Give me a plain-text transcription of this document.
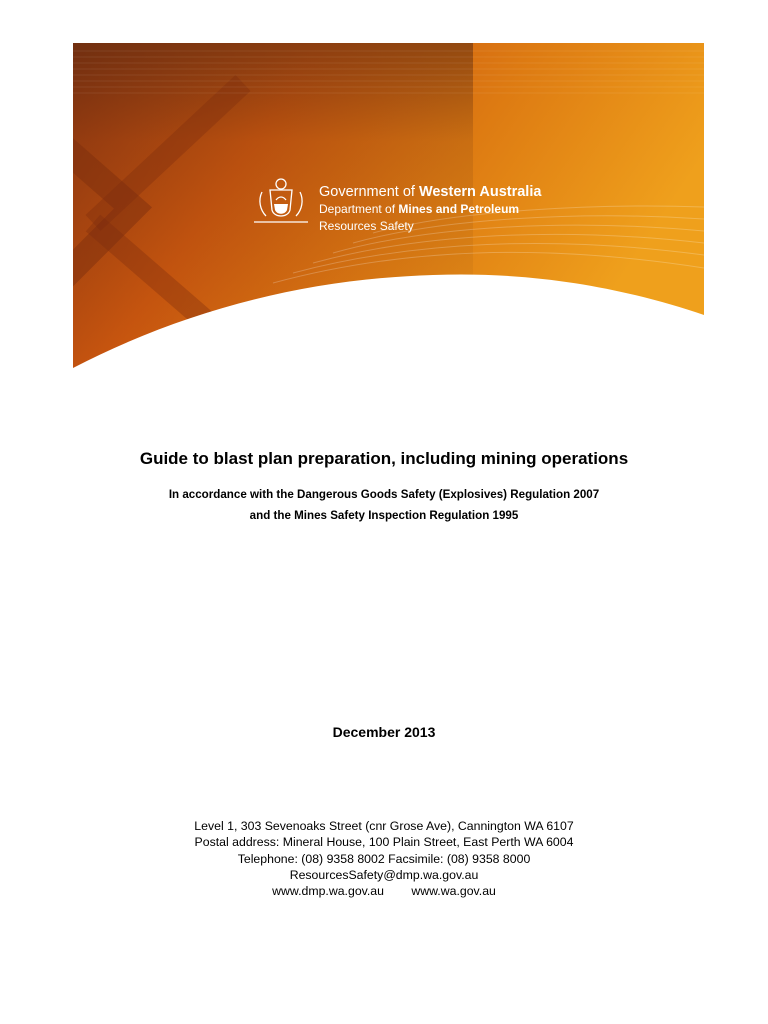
Government of Western Australia
Department of Mines and Petroleum
Resources Safety
Guide to blast plan preparation, including mining operations
In accordance with the Dangerous Goods Safety (Explosives) Regulation 2007
and the Mines Safety Inspection Regulation 1995
December 2013
Level 1, 303 Sevenoaks Street (cnr Grose Ave), Cannington WA 6107
Postal address: Mineral House, 100 Plain Street, East Perth WA 6004
Telephone: (08) 9358 8002 Facsimile: (08) 9358 8000
ResourcesSafety@dmp.wa.gov.au
www.dmp.wa.gov.au www.wa.gov.au
